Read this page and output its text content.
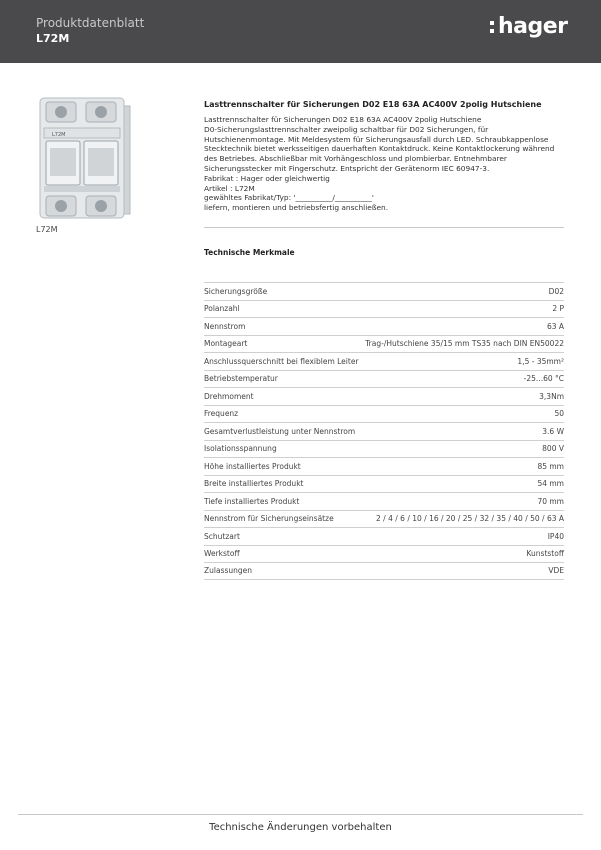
Produktdatenblatt
L72M	hager
L72M
L72M
Lasttrennschalter für Sicherungen D02 E18 63A AC400V 2polig Hutschiene
Lasttrennschalter für Sicherungen D02 E18 63A AC400V 2polig Hutschiene
D0-Sicherungslasttrennschalter zweipolig schaltbar für D02 Sicherungen, für
Hutschienenmontage. Mit Meldesystem für Sicherungsausfall durch LED. Schraubkappenlose
Stecktechnik bietet werksseitigen dauerhaften Kontaktdruck. Keine Kontaktlockerung während
des Betriebes. Abschließbar mit Vorhängeschloss und plombierbar. Entnehmbarer
Sicherungsstecker mit Fingerschutz. Entspricht der Gerätenorm IEC 60947-3.
Fabrikat : Hager oder gleichwertig
Artikel : L72M
gewähltes Fabrikat/Typ: '__________/__________'
liefern, montieren und betriebsfertig anschließen.
Technische Merkmale
Sicherungsgröße	D02
Polanzahl	2 P
Nennstrom	63 A
Montageart	Trag-/Hutschiene 35/15 mm TS35 nach DIN EN50022
Anschlussquerschnitt bei flexiblem Leiter	1,5 - 35mm²
Betriebstemperatur	-25...60 °C
Drehmoment	3,3Nm
Frequenz	50
Gesamtverlustleistung unter Nennstrom	3.6 W
Isolationsspannung	800 V
Höhe installiertes Produkt	85 mm
Breite installiertes Produkt	54 mm
Tiefe installiertes Produkt	70 mm
Nennstrom für Sicherungseinsätze	2 / 4 / 6 / 10 / 16 / 20 / 25 / 32 / 35 / 40 / 50 / 63 A
Schutzart	IP40
Werkstoff	Kunststoff
Zulassungen	VDE
Technische Änderungen vorbehalten
